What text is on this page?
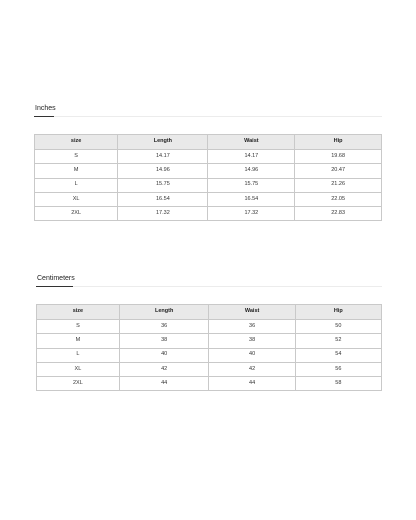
Inches
size	Length	Waist	Hip
S	14.17	14.17	19.68
M	14.96	14.96	20.47
L	15.75	15.75	21.26
XL	16.54	16.54	22.05
2XL	17.32	17.32	22.83
Centimeters
size	Length	Waist	Hip
S	36	36	50
M	38	38	52
L	40	40	54
XL	42	42	56
2XL	44	44	58
